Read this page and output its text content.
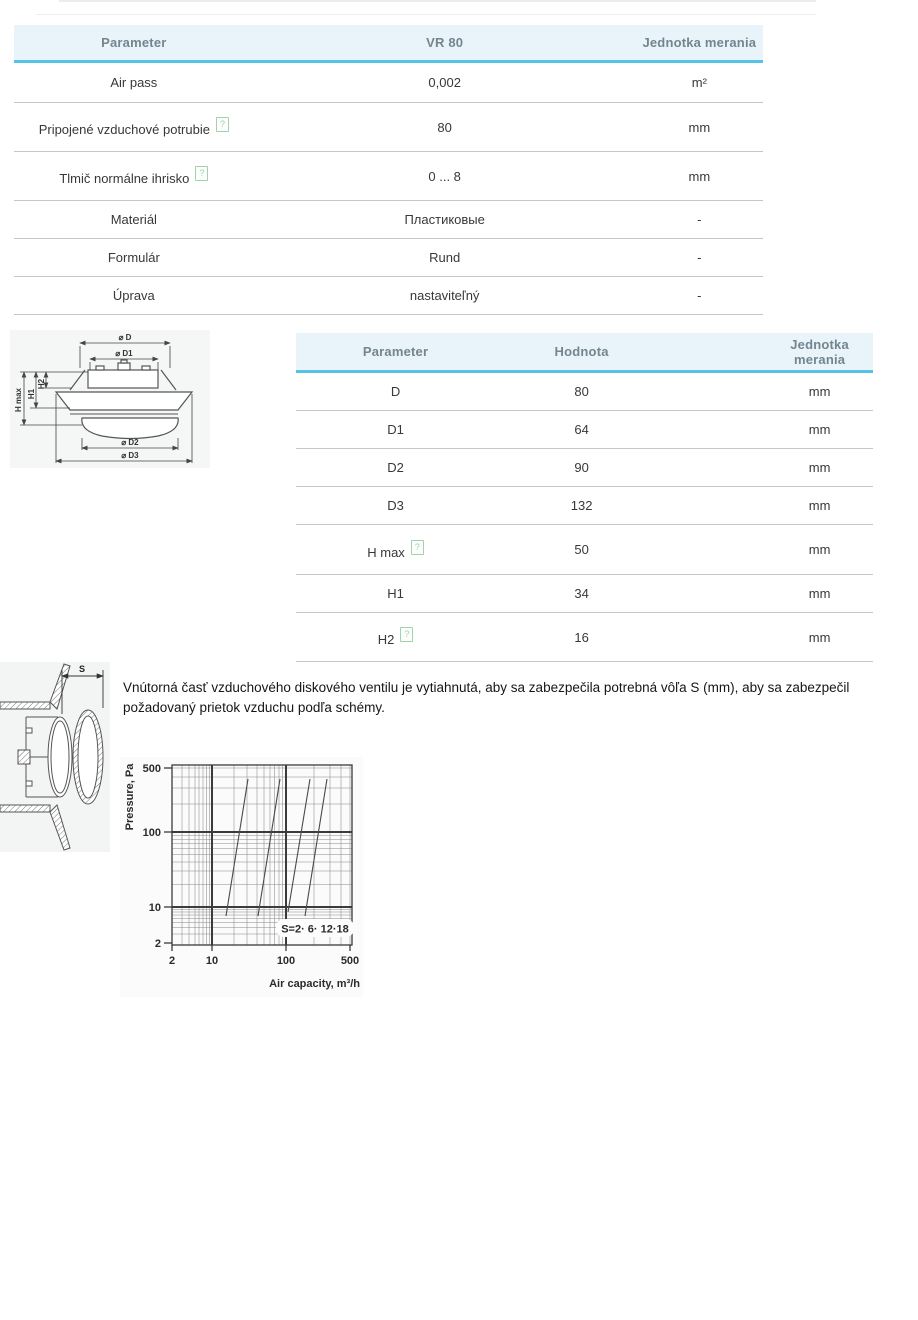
Parameter	VR 80	Jednotka merania
Air pass	0,002	m²
Pripojené vzduchové potrubie ?	80	mm
Tlmič normálne ihrisko ?	0 ... 8	mm
Materiál	Пластиковые	-
Formulár	Rund	-
Úprava	nastaviteľný	-
⌀ D
⌀ D1
⌀ D2
⌀ D3
H2
H1
H max
Parameter	Hodnota	Jednotka merania
D	80	mm
D1	64	mm
D2	90	mm
D3	132	mm
H max ?	50	mm
H1	34	mm
H2 ?	16	mm
S
Vnútorná časť vzduchového diskového ventilu je vytiahnutá, aby sa zabezpečila potrebná vôľa S (mm), aby sa zabezpečil požadovaný prietok vzduchu podľa schémy.
S=2· 6· 12·18
500
100
10
2
2	10	100	500
Pressure, Pa
Air capacity, m³/h
